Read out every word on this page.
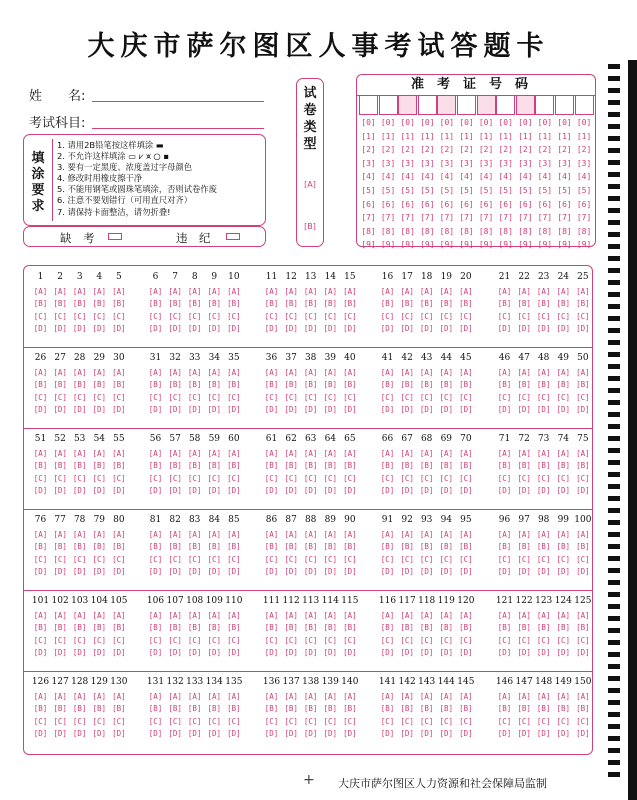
大庆市萨尔图区人事考试答题卡
姓　　名:
考试科目:
填涂要求
1. 请用2B铅笔按这样填涂 ▬
2. 不允许这样填涂 ▭ ⩗ ⩙ ○ ▪
3. 要有一定黑度、浓度盖过字母颜色
4. 修改时用橡皮擦干净
5. 不能用钢笔或圆珠笔填涂，否则试卷作废
6. 注意不要划错行（可用直尺对齐）
7. 请保持卡面整洁，请勿折叠!
缺　考	违　纪
试卷类型
[A]
[B]
准考证号码
[0]
[1]
[2]
[3]
[4]
[5]
[6]
[7]
[8]
[9]
[0]
[1]
[2]
[3]
[4]
[5]
[6]
[7]
[8]
[9]
[0]
[1]
[2]
[3]
[4]
[5]
[6]
[7]
[8]
[9]
[0]
[1]
[2]
[3]
[4]
[5]
[6]
[7]
[8]
[9]
[0]
[1]
[2]
[3]
[4]
[5]
[6]
[7]
[8]
[9]
[0]
[1]
[2]
[3]
[4]
[5]
[6]
[7]
[8]
[9]
[0]
[1]
[2]
[3]
[4]
[5]
[6]
[7]
[8]
[9]
[0]
[1]
[2]
[3]
[4]
[5]
[6]
[7]
[8]
[9]
[0]
[1]
[2]
[3]
[4]
[5]
[6]
[7]
[8]
[9]
[0]
[1]
[2]
[3]
[4]
[5]
[6]
[7]
[8]
[9]
[0]
[1]
[2]
[3]
[4]
[5]
[6]
[7]
[8]
[9]
[0]
[1]
[2]
[3]
[4]
[5]
[6]
[7]
[8]
[9]
1
[A]
[B]
[C]
[D]
2
[A]
[B]
[C]
[D]
3
[A]
[B]
[C]
[D]
4
[A]
[B]
[C]
[D]
5
[A]
[B]
[C]
[D]
6
[A]
[B]
[C]
[D]
7
[A]
[B]
[C]
[D]
8
[A]
[B]
[C]
[D]
9
[A]
[B]
[C]
[D]
10
[A]
[B]
[C]
[D]
11
[A]
[B]
[C]
[D]
12
[A]
[B]
[C]
[D]
13
[A]
[B]
[C]
[D]
14
[A]
[B]
[C]
[D]
15
[A]
[B]
[C]
[D]
16
[A]
[B]
[C]
[D]
17
[A]
[B]
[C]
[D]
18
[A]
[B]
[C]
[D]
19
[A]
[B]
[C]
[D]
20
[A]
[B]
[C]
[D]
21
[A]
[B]
[C]
[D]
22
[A]
[B]
[C]
[D]
23
[A]
[B]
[C]
[D]
24
[A]
[B]
[C]
[D]
25
[A]
[B]
[C]
[D]
26
[A]
[B]
[C]
[D]
27
[A]
[B]
[C]
[D]
28
[A]
[B]
[C]
[D]
29
[A]
[B]
[C]
[D]
30
[A]
[B]
[C]
[D]
31
[A]
[B]
[C]
[D]
32
[A]
[B]
[C]
[D]
33
[A]
[B]
[C]
[D]
34
[A]
[B]
[C]
[D]
35
[A]
[B]
[C]
[D]
36
[A]
[B]
[C]
[D]
37
[A]
[B]
[C]
[D]
38
[A]
[B]
[C]
[D]
39
[A]
[B]
[C]
[D]
40
[A]
[B]
[C]
[D]
41
[A]
[B]
[C]
[D]
42
[A]
[B]
[C]
[D]
43
[A]
[B]
[C]
[D]
44
[A]
[B]
[C]
[D]
45
[A]
[B]
[C]
[D]
46
[A]
[B]
[C]
[D]
47
[A]
[B]
[C]
[D]
48
[A]
[B]
[C]
[D]
49
[A]
[B]
[C]
[D]
50
[A]
[B]
[C]
[D]
51
[A]
[B]
[C]
[D]
52
[A]
[B]
[C]
[D]
53
[A]
[B]
[C]
[D]
54
[A]
[B]
[C]
[D]
55
[A]
[B]
[C]
[D]
56
[A]
[B]
[C]
[D]
57
[A]
[B]
[C]
[D]
58
[A]
[B]
[C]
[D]
59
[A]
[B]
[C]
[D]
60
[A]
[B]
[C]
[D]
61
[A]
[B]
[C]
[D]
62
[A]
[B]
[C]
[D]
63
[A]
[B]
[C]
[D]
64
[A]
[B]
[C]
[D]
65
[A]
[B]
[C]
[D]
66
[A]
[B]
[C]
[D]
67
[A]
[B]
[C]
[D]
68
[A]
[B]
[C]
[D]
69
[A]
[B]
[C]
[D]
70
[A]
[B]
[C]
[D]
71
[A]
[B]
[C]
[D]
72
[A]
[B]
[C]
[D]
73
[A]
[B]
[C]
[D]
74
[A]
[B]
[C]
[D]
75
[A]
[B]
[C]
[D]
76
[A]
[B]
[C]
[D]
77
[A]
[B]
[C]
[D]
78
[A]
[B]
[C]
[D]
79
[A]
[B]
[C]
[D]
80
[A]
[B]
[C]
[D]
81
[A]
[B]
[C]
[D]
82
[A]
[B]
[C]
[D]
83
[A]
[B]
[C]
[D]
84
[A]
[B]
[C]
[D]
85
[A]
[B]
[C]
[D]
86
[A]
[B]
[C]
[D]
87
[A]
[B]
[C]
[D]
88
[A]
[B]
[C]
[D]
89
[A]
[B]
[C]
[D]
90
[A]
[B]
[C]
[D]
91
[A]
[B]
[C]
[D]
92
[A]
[B]
[C]
[D]
93
[A]
[B]
[C]
[D]
94
[A]
[B]
[C]
[D]
95
[A]
[B]
[C]
[D]
96
[A]
[B]
[C]
[D]
97
[A]
[B]
[C]
[D]
98
[A]
[B]
[C]
[D]
99
[A]
[B]
[C]
[D]
100
[A]
[B]
[C]
[D]
101
[A]
[B]
[C]
[D]
102
[A]
[B]
[C]
[D]
103
[A]
[B]
[C]
[D]
104
[A]
[B]
[C]
[D]
105
[A]
[B]
[C]
[D]
106
[A]
[B]
[C]
[D]
107
[A]
[B]
[C]
[D]
108
[A]
[B]
[C]
[D]
109
[A]
[B]
[C]
[D]
110
[A]
[B]
[C]
[D]
111
[A]
[B]
[C]
[D]
112
[A]
[B]
[C]
[D]
113
[A]
[B]
[C]
[D]
114
[A]
[B]
[C]
[D]
115
[A]
[B]
[C]
[D]
116
[A]
[B]
[C]
[D]
117
[A]
[B]
[C]
[D]
118
[A]
[B]
[C]
[D]
119
[A]
[B]
[C]
[D]
120
[A]
[B]
[C]
[D]
121
[A]
[B]
[C]
[D]
122
[A]
[B]
[C]
[D]
123
[A]
[B]
[C]
[D]
124
[A]
[B]
[C]
[D]
125
[A]
[B]
[C]
[D]
126
[A]
[B]
[C]
[D]
127
[A]
[B]
[C]
[D]
128
[A]
[B]
[C]
[D]
129
[A]
[B]
[C]
[D]
130
[A]
[B]
[C]
[D]
131
[A]
[B]
[C]
[D]
132
[A]
[B]
[C]
[D]
133
[A]
[B]
[C]
[D]
134
[A]
[B]
[C]
[D]
135
[A]
[B]
[C]
[D]
136
[A]
[B]
[C]
[D]
137
[A]
[B]
[C]
[D]
138
[A]
[B]
[C]
[D]
139
[A]
[B]
[C]
[D]
140
[A]
[B]
[C]
[D]
141
[A]
[B]
[C]
[D]
142
[A]
[B]
[C]
[D]
143
[A]
[B]
[C]
[D]
144
[A]
[B]
[C]
[D]
145
[A]
[B]
[C]
[D]
146
[A]
[B]
[C]
[D]
147
[A]
[B]
[C]
[D]
148
[A]
[B]
[C]
[D]
149
[A]
[B]
[C]
[D]
150
[A]
[B]
[C]
[D]
+ 大庆市萨尔图区人力资源和社会保障局监制
